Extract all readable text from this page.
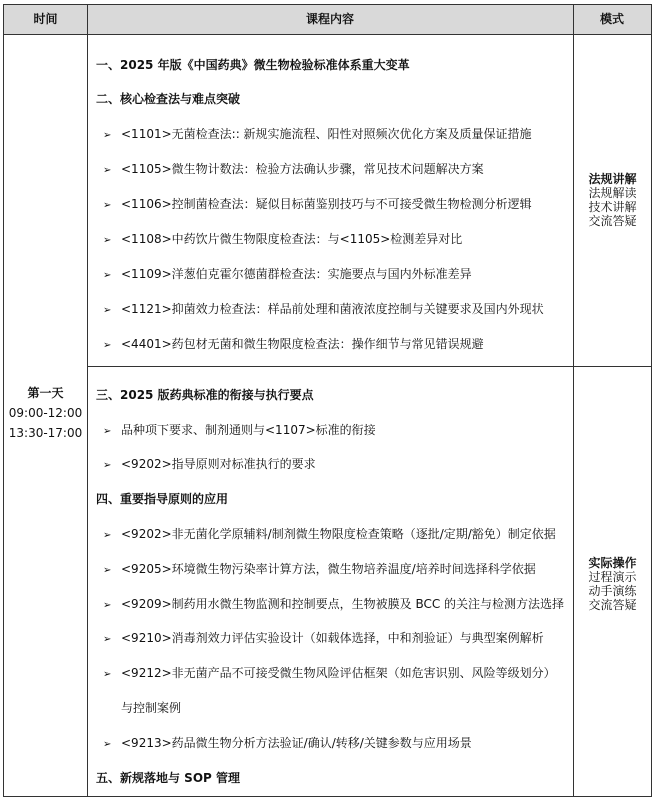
时间	课程内容	模式
第一天
09:00-12:00
13:30-17:00
法规讲解
法规解读
技术讲解
交流答疑
实际操作
过程演示
动手演练
交流答疑
一、2025 年版《中国药典》微生物检验标准体系重大变革
二、核心检查法与难点突破
➢ <1101>无菌检查法:: 新规实施流程、阳性对照频次优化方案及质量保证措施
➢ <1105>微生物计数法：检验方法确认步骤，常见技术问题解决方案
➢ <1106>控制菌检查法：疑似目标菌鉴别技巧与不可接受微生物检测分析逻辑
➢ <1108>中药饮片微生物限度检查法：与<1105>检测差异对比
➢ <1109>洋葱伯克霍尔德菌群检查法：实施要点与国内外标准差异
➢ <1121>抑菌效力检查法：样品前处理和菌液浓度控制与关键要求及国内外现状
➢ <4401>药包材无菌和微生物限度检查法：操作细节与常见错误规避
三、2025 版药典标准的衔接与执行要点
➢ 品种项下要求、制剂通则与<1107>标准的衔接
➢ <9202>指导原则对标准执行的要求
四、重要指导原则的应用
➢ <9202>非无菌化学原辅料/制剂微生物限度检查策略（逐批/定期/豁免）制定依据
➢ <9205>环境微生物污染率计算方法，微生物培养温度/培养时间选择科学依据
➢ <9209>制药用水微生物监测和控制要点，生物被膜及 BCC 的关注与检测方法选择
➢ <9210>消毒剂效力评估实验设计（如载体选择，中和剂验证）与典型案例解析
➢ <9212>非无菌产品不可接受微生物风险评估框架（如危害识别、风险等级划分）
与控制案例
➢ <9213>药品微生物分析方法验证/确认/转移/关键参数与应用场景
五、新规落地与 SOP 管理
